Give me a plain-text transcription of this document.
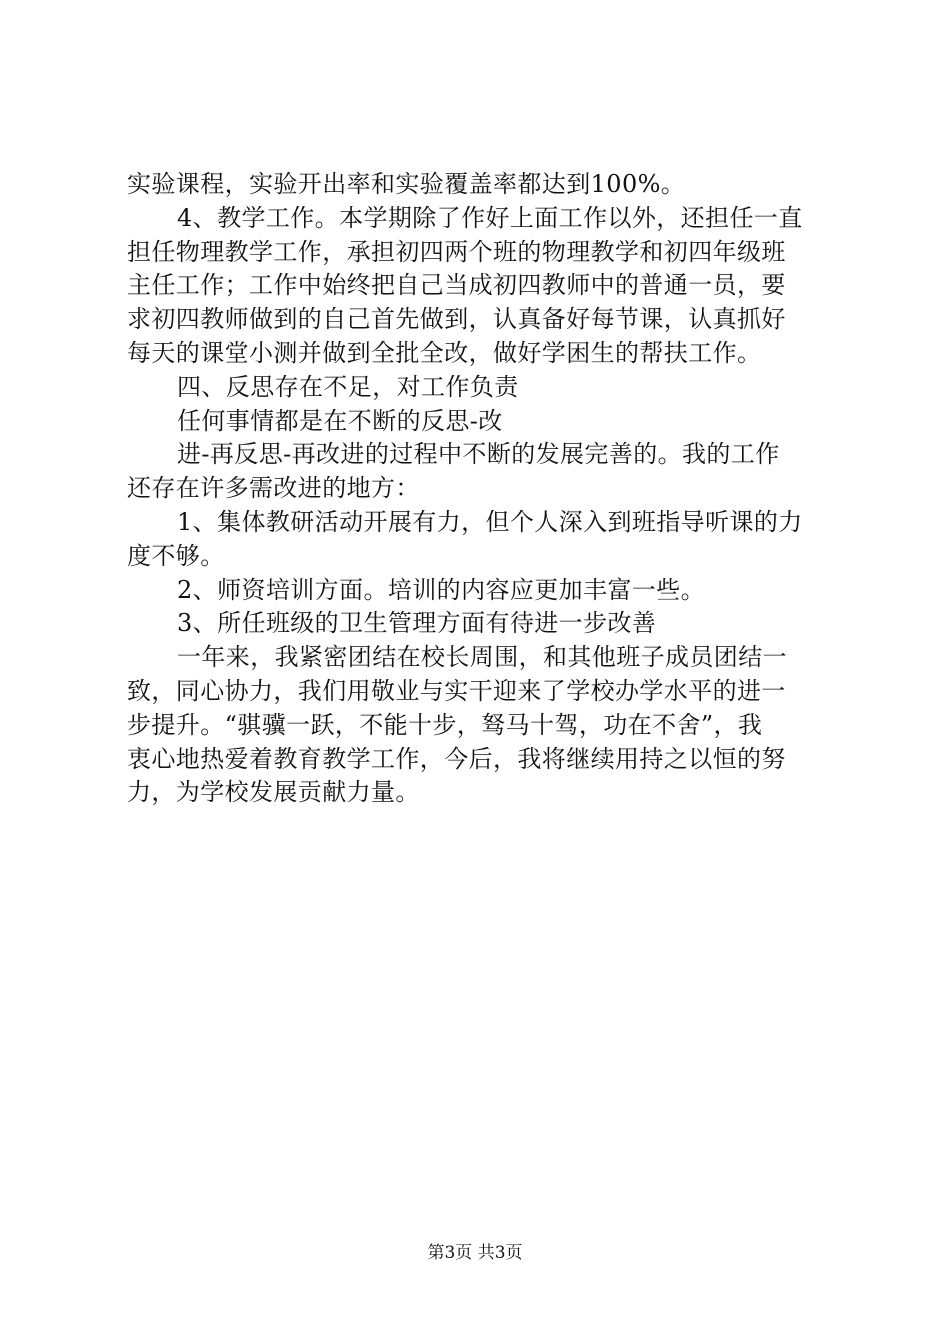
实验课程，实验开出率和实验覆盖率都达到100%。
4、教学工作。本学期除了作好上面工作以外，还担任一直
担任物理教学工作，承担初四两个班的物理教学和初四年级班
主任工作；工作中始终把自己当成初四教师中的普通一员，要
求初四教师做到的自己首先做到，认真备好每节课，认真抓好
每天的课堂小测并做到全批全改，做好学困生的帮扶工作。
四、反思存在不足，对工作负责
任何事情都是在不断的反思-改
进-再反思-再改进的过程中不断的发展完善的。我的工作
还存在许多需改进的地方：
1、集体教研活动开展有力，但个人深入到班指导听课的力
度不够。
2、师资培训方面。培训的内容应更加丰富一些。
3、所任班级的卫生管理方面有待进一步改善
一年来，我紧密团结在校长周围，和其他班子成员团结一
致，同心协力，我们用敬业与实干迎来了学校办学水平的进一
步提升。“骐骥一跃，不能十步，驽马十驾，功在不舍”，我
衷心地热爱着教育教学工作，今后，我将继续用持之以恒的努
力，为学校发展贡献力量。
第3页 共3页
